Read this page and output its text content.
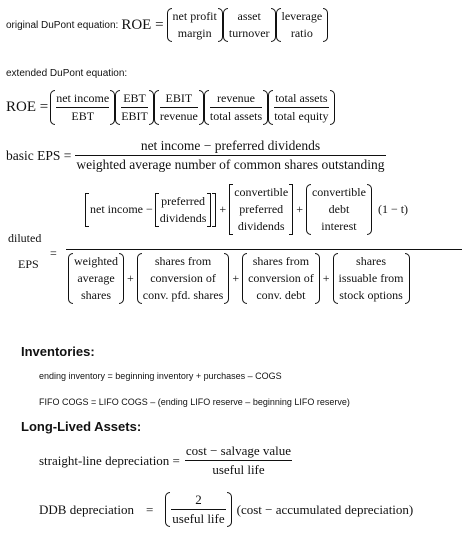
original DuPont equation: ROE =
net profit
margin
asset
turnover
leverage
ratio
extended DuPont equation:
ROE =
net income
EBT
EBT
EBIT
EBIT
revenue
revenue
total assets
total assets
total equity
basic EPS = $\frac{\text{net income − preferred dividends}}{\text{weighted average number of common shares outstanding}}$
diluted
=
EPS
net income −
preferred
dividends
+
convertible
preferred
dividends
+
convertible
debt
interest
(1 − t)
weighted
average
shares
+
shares from
conversion of
conv. pfd. shares
+
shares from
conversion of
conv. debt
+
shares
issuable from
stock options
Inventories:
ending inventory = beginning inventory + purchases – COGS
FIFO COGS = LIFO COGS – (ending LIFO reserve – beginning LIFO reserve)
Long-Lived Assets:
straight-line depreciation = $\frac{\text{cost − salvage value}}{\text{useful life}}$
DDB depreciation = $\frac{2}{\text{useful life}} (\cos t$ − accumulated depreciation)
